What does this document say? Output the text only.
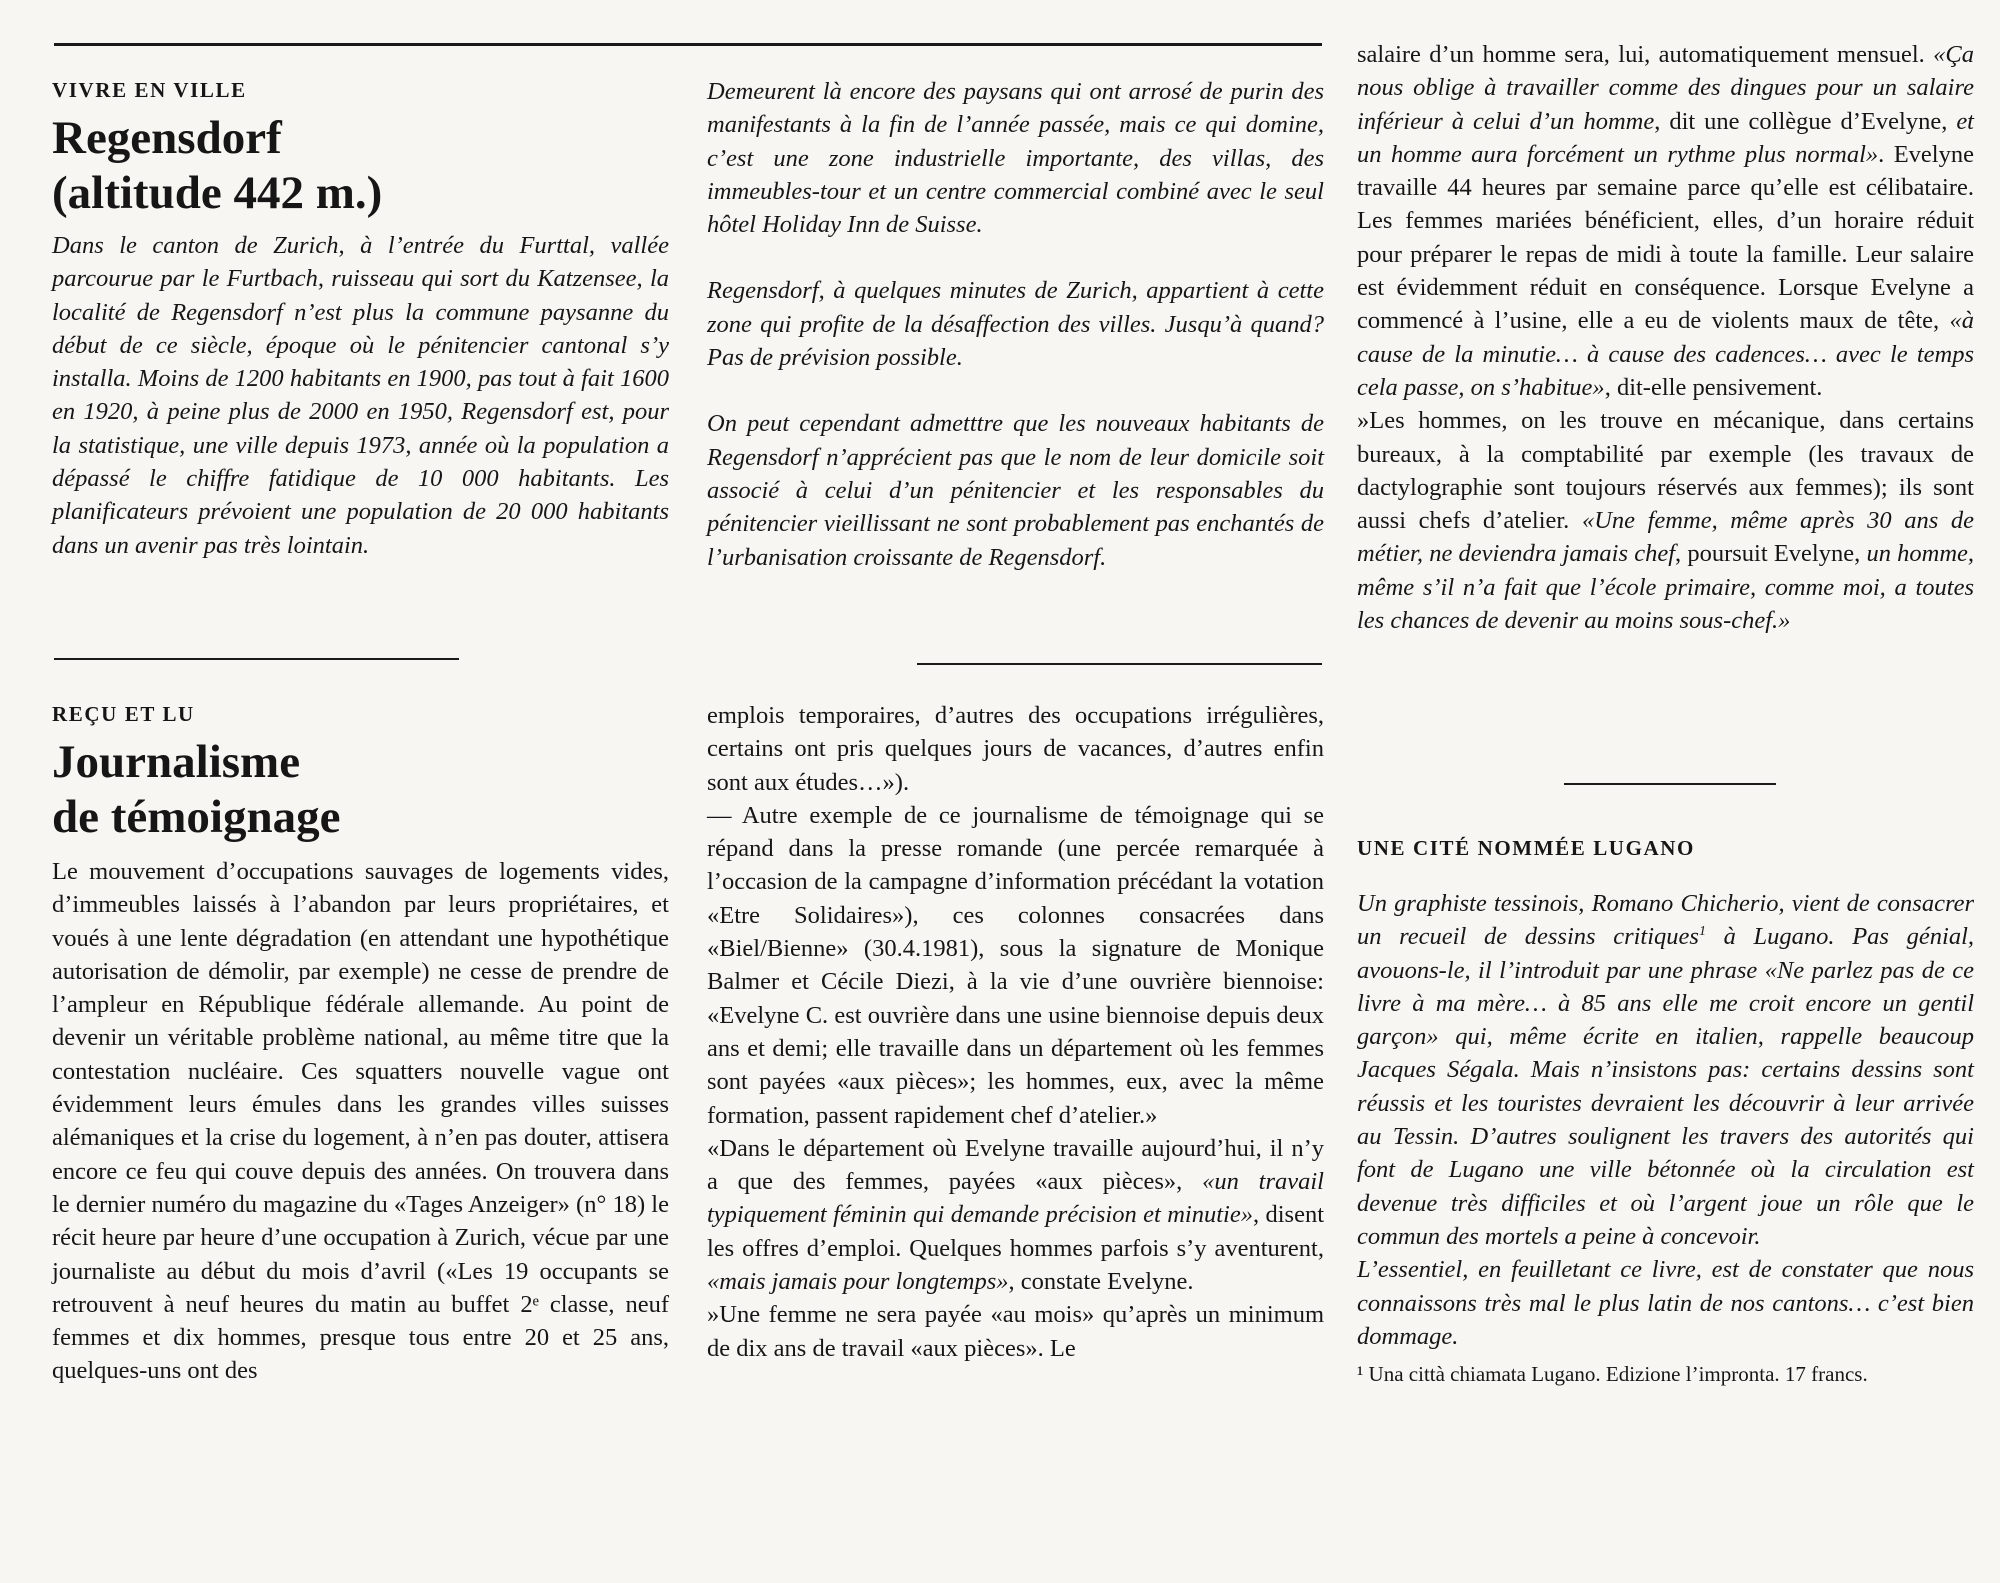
VIVRE EN VILLE
Regensdorf
(altitude 442 m.)

Dans le canton de Zurich, à l’entrée du Furttal, vallée parcourue par le Furtbach, ruisseau qui sort du Katzensee, la localité de Regensdorf n’est plus la commune paysanne du début de ce siècle, époque où le pénitencier cantonal s’y installa. Moins de 1200 habitants en 1900, pas tout à fait 1600 en 1920, à peine plus de 2000 en 1950, Regensdorf est, pour la statistique, une ville depuis 1973, année où la population a dépassé le chiffre fatidique de 10 000 habitants. Les planificateurs prévoient une population de 20 000 habitants dans un avenir pas très lointain.

REÇU ET LU
Journalisme
de témoignage

Le mouvement d’occupations sauvages de logements vides, d’immeubles laissés à l’abandon par leurs propriétaires, et voués à une lente dégradation (en attendant une hypothétique autorisation de démolir, par exemple) ne cesse de prendre de l’ampleur en République fédérale allemande. Au point de devenir un véritable problème national, au même titre que la contestation nucléaire. Ces squatters nouvelle vague ont évidemment leurs émules dans les grandes villes suisses alémaniques et la crise du logement, à n’en pas douter, attisera encore ce feu qui couve depuis des années. On trouvera dans le dernier numéro du magazine du «Tages Anzeiger» (n° 18) le récit heure par heure d’une occupation à Zurich, vécue par une journaliste au début du mois d’avril («Les 19 occupants se retrouvent à neuf heures du matin au buffet 2ᵉ classe, neuf femmes et dix hommes, presque tous entre 20 et 25 ans, quelques-uns ont des

Demeurent là encore des paysans qui ont arrosé de purin des manifestants à la fin de l’année passée, mais ce qui domine, c’est une zone industrielle importante, des villas, des immeubles-tour et un centre commercial combiné avec le seul hôtel Holiday Inn de Suisse.

Regensdorf, à quelques minutes de Zurich, appartient à cette zone qui profite de la désaffection des villes. Jusqu’à quand? Pas de prévision possible.

On peut cependant admetttre que les nouveaux habitants de Regensdorf n’apprécient pas que le nom de leur domicile soit associé à celui d’un pénitencier et les responsables du pénitencier vieillissant ne sont probablement pas enchantés de l’urbanisation croissante de Regensdorf.

emplois temporaires, d’autres des occupations irrégulières, certains ont pris quelques jours de vacances, d’autres enfin sont aux études…»).

— Autre exemple de ce journalisme de témoignage qui se répand dans la presse romande (une percée remarquée à l’occasion de la campagne d’information précédant la votation «Etre Solidaires»), ces colonnes consacrées dans «Biel/Bienne» (30.4.1981), sous la signature de Monique Balmer et Cécile Diezi, à la vie d’une ouvrière biennoise: «Evelyne C. est ouvrière dans une usine biennoise depuis deux ans et demi; elle travaille dans un département où les femmes sont payées «aux pièces»; les hommes, eux, avec la même formation, passent rapidement chef d’atelier.»

«Dans le département où Evelyne travaille aujourd’hui, il n’y a que des femmes, payées «aux pièces», «un travail typiquement féminin qui demande précision et minutie», disent les offres d’emploi. Quelques hommes parfois s’y aventurent, «mais jamais pour longtemps», constate Evelyne.

»Une femme ne sera payée «au mois» qu’après un minimum de dix ans de travail «aux pièces». Le

salaire d’un homme sera, lui, automatiquement mensuel. «Ça nous oblige à travailler comme des dingues pour un salaire inférieur à celui d’un homme, dit une collègue d’Evelyne, et un homme aura forcément un rythme plus normal». Evelyne travaille 44 heures par semaine parce qu’elle est célibataire. Les femmes mariées bénéficient, elles, d’un horaire réduit pour préparer le repas de midi à toute la famille. Leur salaire est évidemment réduit en conséquence. Lorsque Evelyne a commencé à l’usine, elle a eu de violents maux de tête, «à cause de la minutie… à cause des cadences… avec le temps cela passe, on s’habitue», dit-elle pensivement.

»Les hommes, on les trouve en mécanique, dans certains bureaux, à la comptabilité par exemple (les travaux de dactylographie sont toujours réservés aux femmes); ils sont aussi chefs d’atelier. «Une femme, même après 30 ans de métier, ne deviendra jamais chef, poursuit Evelyne, un homme, même s’il n’a fait que l’école primaire, comme moi, a toutes les chances de devenir au moins sous-chef.»

UNE CITÉ NOMMÉE LUGANO

Un graphiste tessinois, Romano Chicherio, vient de consacrer un recueil de dessins critiques$^1$ à Lugano. Pas génial, avouons-le, il l’introduit par une phrase «Ne parlez pas de ce livre à ma mère… à 85 ans elle me croit encore un gentil garçon» qui, même écrite en italien, rappelle beaucoup Jacques Ségala. Mais n’insistons pas: certains dessins sont réussis et les touristes devraient les découvrir à leur arrivée au Tessin. D’autres soulignent les travers des autorités qui font de Lugano une ville bétonnée où la circulation est devenue très difficiles et où l’argent joue un rôle que le commun des mortels a peine à concevoir.

L’essentiel, en feuilletant ce livre, est de constater que nous connaissons très mal le plus latin de nos cantons… c’est bien dommage.

¹ Una città chiamata Lugano. Edizione l’impronta. 17 francs.
